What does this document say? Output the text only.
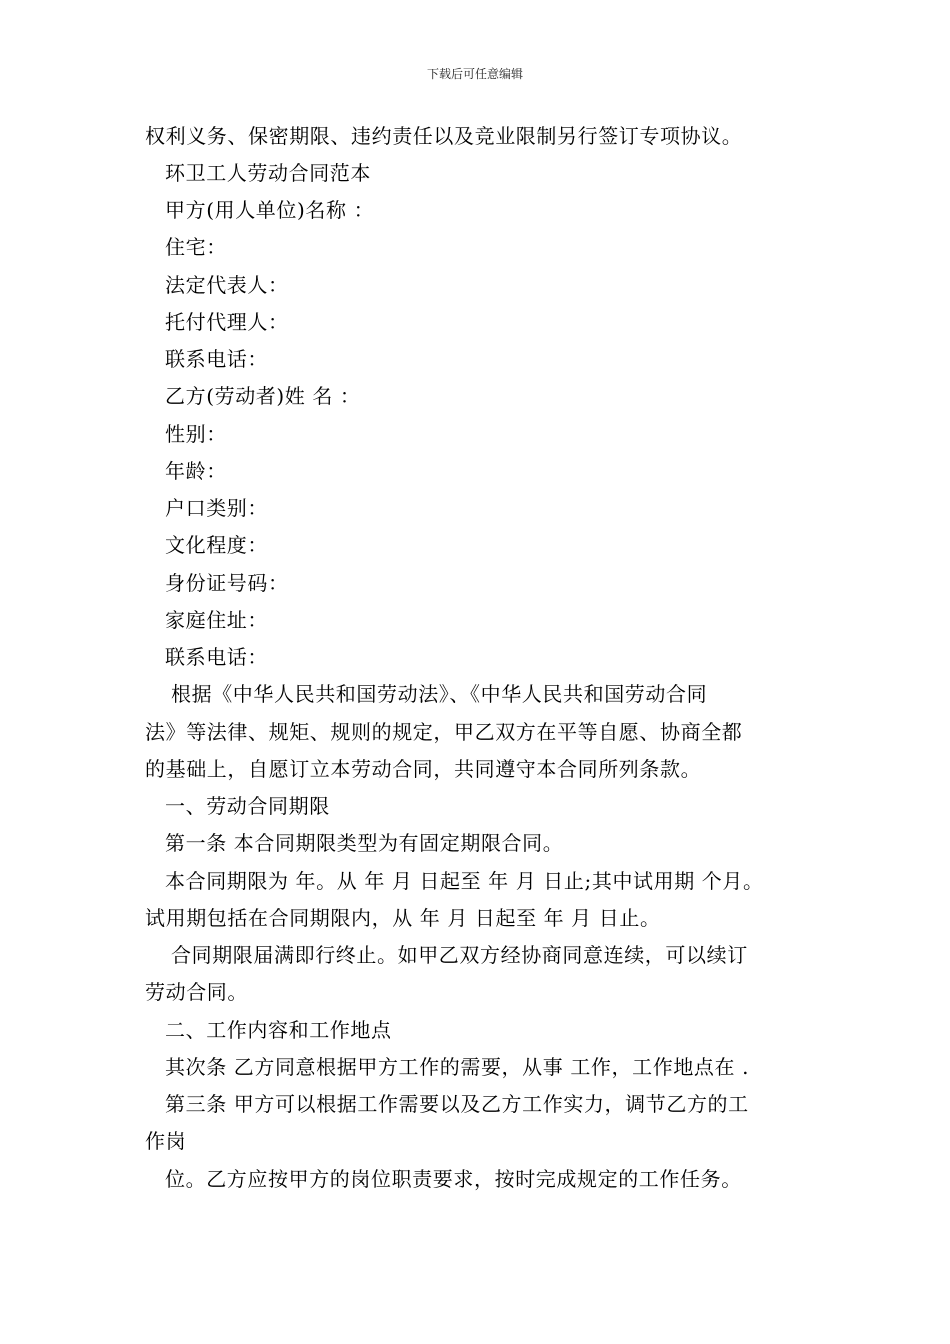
下载后可任意编辑
权利义务、保密期限、违约责任以及竞业限制另行签订专项协议。
环卫工人劳动合同范本
甲方(用人单位)名称 ：
住宅：
法定代表人：
托付代理人：
联系电话：
乙方(劳动者)姓 名 ：
性别：
年龄：
户口类别：
文化程度：
身份证号码：
家庭住址：
联系电话：
根据《中华人民共和国劳动法》、《中华人民共和国劳动合同
法》等法律、规矩、规则的规定，甲乙双方在平等自愿、协商全都
的基础上，自愿订立本劳动合同，共同遵守本合同所列条款。
一、劳动合同期限
第一条 本合同期限类型为有固定期限合同。
本合同期限为 年。从 年 月 日起至 年 月 日止;其中试用期 个月。
试用期包括在合同期限内，从 年 月 日起至 年 月 日止。
合同期限届满即行终止。如甲乙双方经协商同意连续，可以续订
劳动合同。
二、工作内容和工作地点
其次条 乙方同意根据甲方工作的需要，从事 工作，工作地点在 .
第三条 甲方可以根据工作需要以及乙方工作实力，调节乙方的工
作岗
位。乙方应按甲方的岗位职责要求，按时完成规定的工作任务。
